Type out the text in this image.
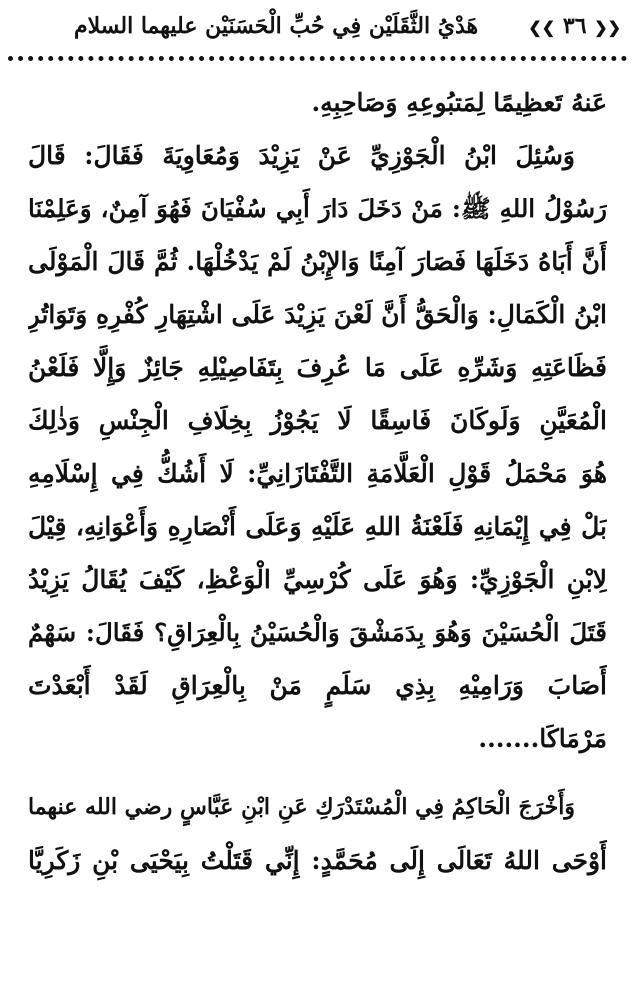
❮❮ ٣٦ ❯❯
هَدْيُ الثَّقَلَيْن فِي حُبِّ الْحَسَنَيْن عليهما السلام
عَنهُ تَعظِيمًا لِمَتبُوعِهِ وَصَاحِبِهِ.
وَسُئِلَ ابْنُ الْجَوْزِيِّ عَنْ يَزِيْدَ وَمُعَاوِيَةَ فَقَالَ: قَالَ
رَسُوْلُ اللهِ ﷺ: مَنْ دَخَلَ دَارَ أَبِي سُفْيَانَ فَهُوَ آمِنٌ، وَعَلِمْنَا
أَنَّ أَبَاهُ دَخَلَهَا فَصَارَ آمِنًا وَالإِبْنُ لَمْ يَدْخُلْهَا. ثُمَّ قَالَ الْمَوْلَى
ابْنُ الْكَمَالِ: وَالْحَقُّ أَنَّ لَعْنَ يَزِيْدَ عَلَى اشْتِهَارِ كُفْرِهِ وَتَوَاتُرِ
فَظَاعَتِهِ وَشَرِّهِ عَلَى مَا عُرِفَ بِتَفَاصِيْلِهِ جَائِزٌ وَإِلَّا فَلَعْنُ
الْمُعَيَّنِ وَلَوكَانَ فَاسِقًا لَا يَجُوْزُ بِخِلَافِ الْجِنْسِ وَذٰلِكَ
هُوَ مَحْمَلُ قَوْلِ الْعَلَّامَةِ التَّفْتَازَانِيِّ: لَا أَشُكُّ فِي إِسْلَامِهِ
بَلْ فِي إِيْمَانِهِ فَلَعْنَةُ اللهِ عَلَيْهِ وَعَلَى أَنْصَارِهِ وَأَعْوَانِهِ، قِيْلَ
لِابْنِ الْجَوْزِيِّ: وَهُوَ عَلَى كُرْسِيِّ الْوَعْظِ، كَيْفَ يُقَالُ يَزِيْدُ
قَتَلَ الْحُسَيْنَ وَهُوَ بِدَمَشْقَ وَالْحُسَيْنُ بِالْعِرَاقِ؟ فَقَالَ: سَهْمٌ
أَصَابَ وَرَامِيْهِ بِذِي سَلَمٍ مَنْ بِالْعِرَاقِ لَقَدْ أَبْعَدْتَ
مَرْمَاكَا.......
وَأَخْرَجَ الْحَاكِمُ فِي الْمُسْتَدْرَكِ عَنِ ابْنِ عَبَّاسٍ رضي الله عنهما
أَوْحَى اللهُ تَعَالَى إِلَى مُحَمَّدٍ: إِنِّي قَتَلْتُ بِيَحْيَى بْنِ زَكَرِيَّا
